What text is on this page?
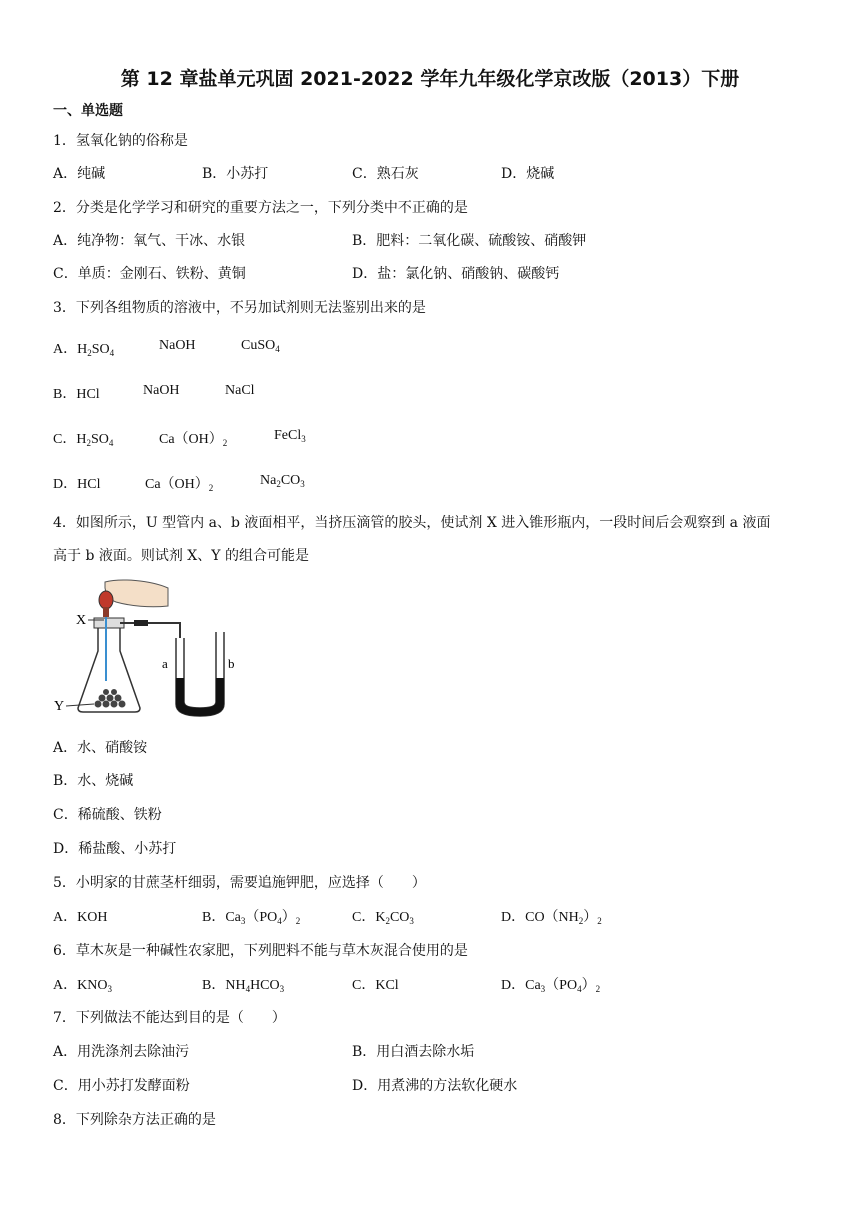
第 12 章盐单元巩固 2021-2022 学年九年级化学京改版（2013）下册
一、单选题
1．氢氧化钠的俗称是
A．纯碱	B．小苏打	C．熟石灰	D．烧碱
2．分类是化学学习和研究的重要方法之一，下列分类中不正确的是
A．纯净物：氧气、干冰、水银	B．肥料：二氧化碳、硫酸铵、硝酸钾
C．单质：金刚石、铁粉、黄铜	D．盐：氯化钠、硝酸钠、碳酸钙
3．下列各组物质的溶液中，不另加试剂则无法鉴别出来的是
A．$H_2SO_4$	NaOH	CuSO$_4$
B．HCl	NaOH	NaCl
C．$H_2SO_4$	$Ca(OH)_2$	FeCl$_3$
D．HCl	$Ca(OH)_2$	$Na_2CO_3$
4．如图所示，U 型管内 a、b 液面相平，当挤压滴管的胶头，使试剂 X 进入锥形瓶内，一段时间后会观察到 a 液面
高于 b 液面。则试剂 X、Y 的组合可能是
X
Y
a	b
A．水、硝酸铵
B．水、烧碱
C．稀硫酸、铁粉
D．稀盐酸、小苏打
5．小明家的甘蔗茎杆细弱，需要追施钾肥，应选择（　　）
A．KOH	B．$Ca_3(PO_4)_2$	C．$K_2CO_3$	D．$CO(NH_2)_2$
6．草木灰是一种碱性农家肥，下列肥料不能与草木灰混合使用的是
A．$KNO_3$	B．$NH_4HCO_3$	C．KCl	D．$Ca_3(PO_4)_2$
7．下列做法不能达到目的是（　　）
A．用洗涤剂去除油污	B．用白酒去除水垢
C．用小苏打发酵面粉	D．用煮沸的方法软化硬水
8．下列除杂方法正确的是
